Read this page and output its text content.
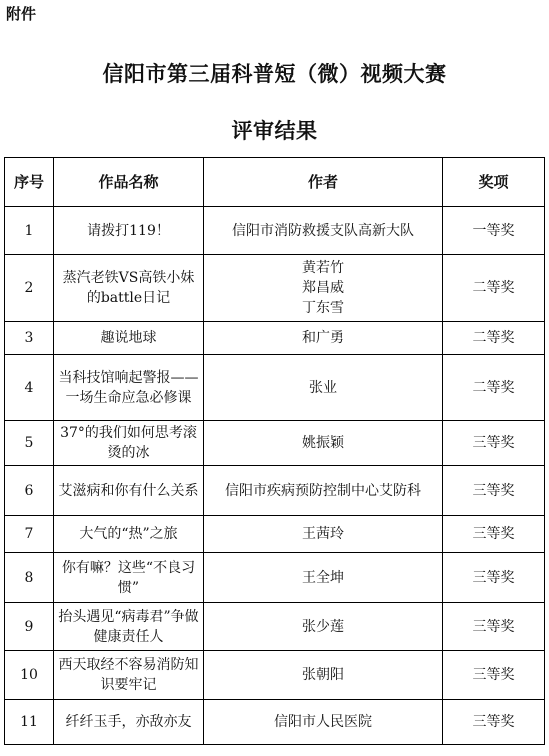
附件
信阳市第三届科普短（微）视频大赛
评审结果
序号	作品名称	作者	奖项
1	请拨打119！	信阳市消防救援支队高新大队	一等奖
2	蒸汽老铁VS高铁小妹的battle日记	黄若竹
郑昌威
丁东雪	二等奖
3	趣说地球	和广勇	二等奖
4	当科技馆响起警报——一场生命应急必修课	张业	二等奖
5	37°的我们如何思考滚烫的冰	姚振颖	三等奖
6	艾滋病和你有什么关系	信阳市疾病预防控制中心艾防科	三等奖
7	大气的“热”之旅	王茜玲	三等奖
8	你有嘛？这些“不良习惯”	王全坤	三等奖
9	抬头遇见“病毒君”争做健康责任人	张少莲	三等奖
10	西天取经不容易消防知识要牢记	张朝阳	三等奖
11	纤纤玉手，亦敌亦友	信阳市人民医院	三等奖
